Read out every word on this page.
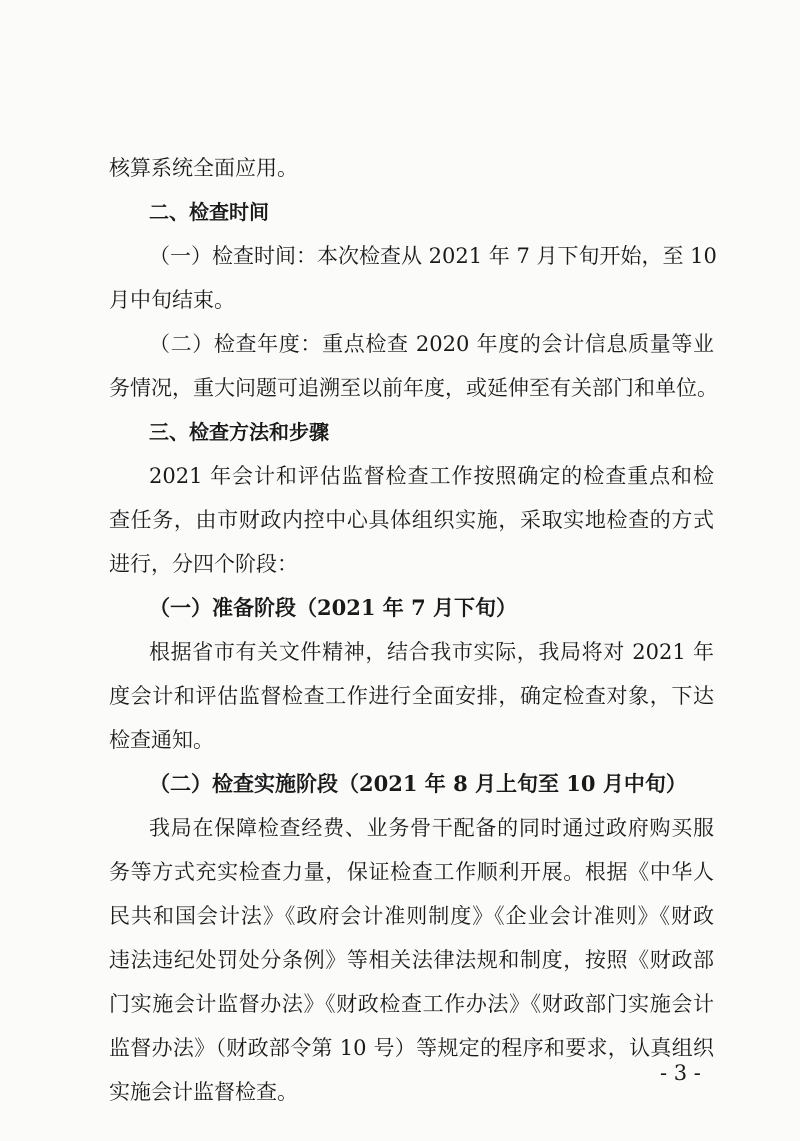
核算系统全面应用。
二、检查时间
（一）检查时间：本次检查从 2021 年 7 月下旬开始，至 10
月中旬结束。
（二）检查年度：重点检查 2020 年度的会计信息质量等业
务情况，重大问题可追溯至以前年度，或延伸至有关部门和单位。
三、检查方法和步骤
2021 年会计和评估监督检查工作按照确定的检查重点和检
查任务，由市财政内控中心具体组织实施，采取实地检查的方式
进行，分四个阶段：
（一）准备阶段（2021 年 7 月下旬）
根据省市有关文件精神，结合我市实际，我局将对 2021 年
度会计和评估监督检查工作进行全面安排，确定检查对象，下达
检查通知。
（二）检查实施阶段（2021 年 8 月上旬至 10 月中旬）
我局在保障检查经费、业务骨干配备的同时通过政府购买服
务等方式充实检查力量，保证检查工作顺利开展。根据《中华人
民共和国会计法》《政府会计准则制度》《企业会计准则》《财政
违法违纪处罚处分条例》等相关法律法规和制度，按照《财政部
门实施会计监督办法》《财政检查工作办法》《财政部门实施会计
监督办法》（财政部令第 10 号）等规定的程序和要求，认真组织
实施会计监督检查。
- 3 -
